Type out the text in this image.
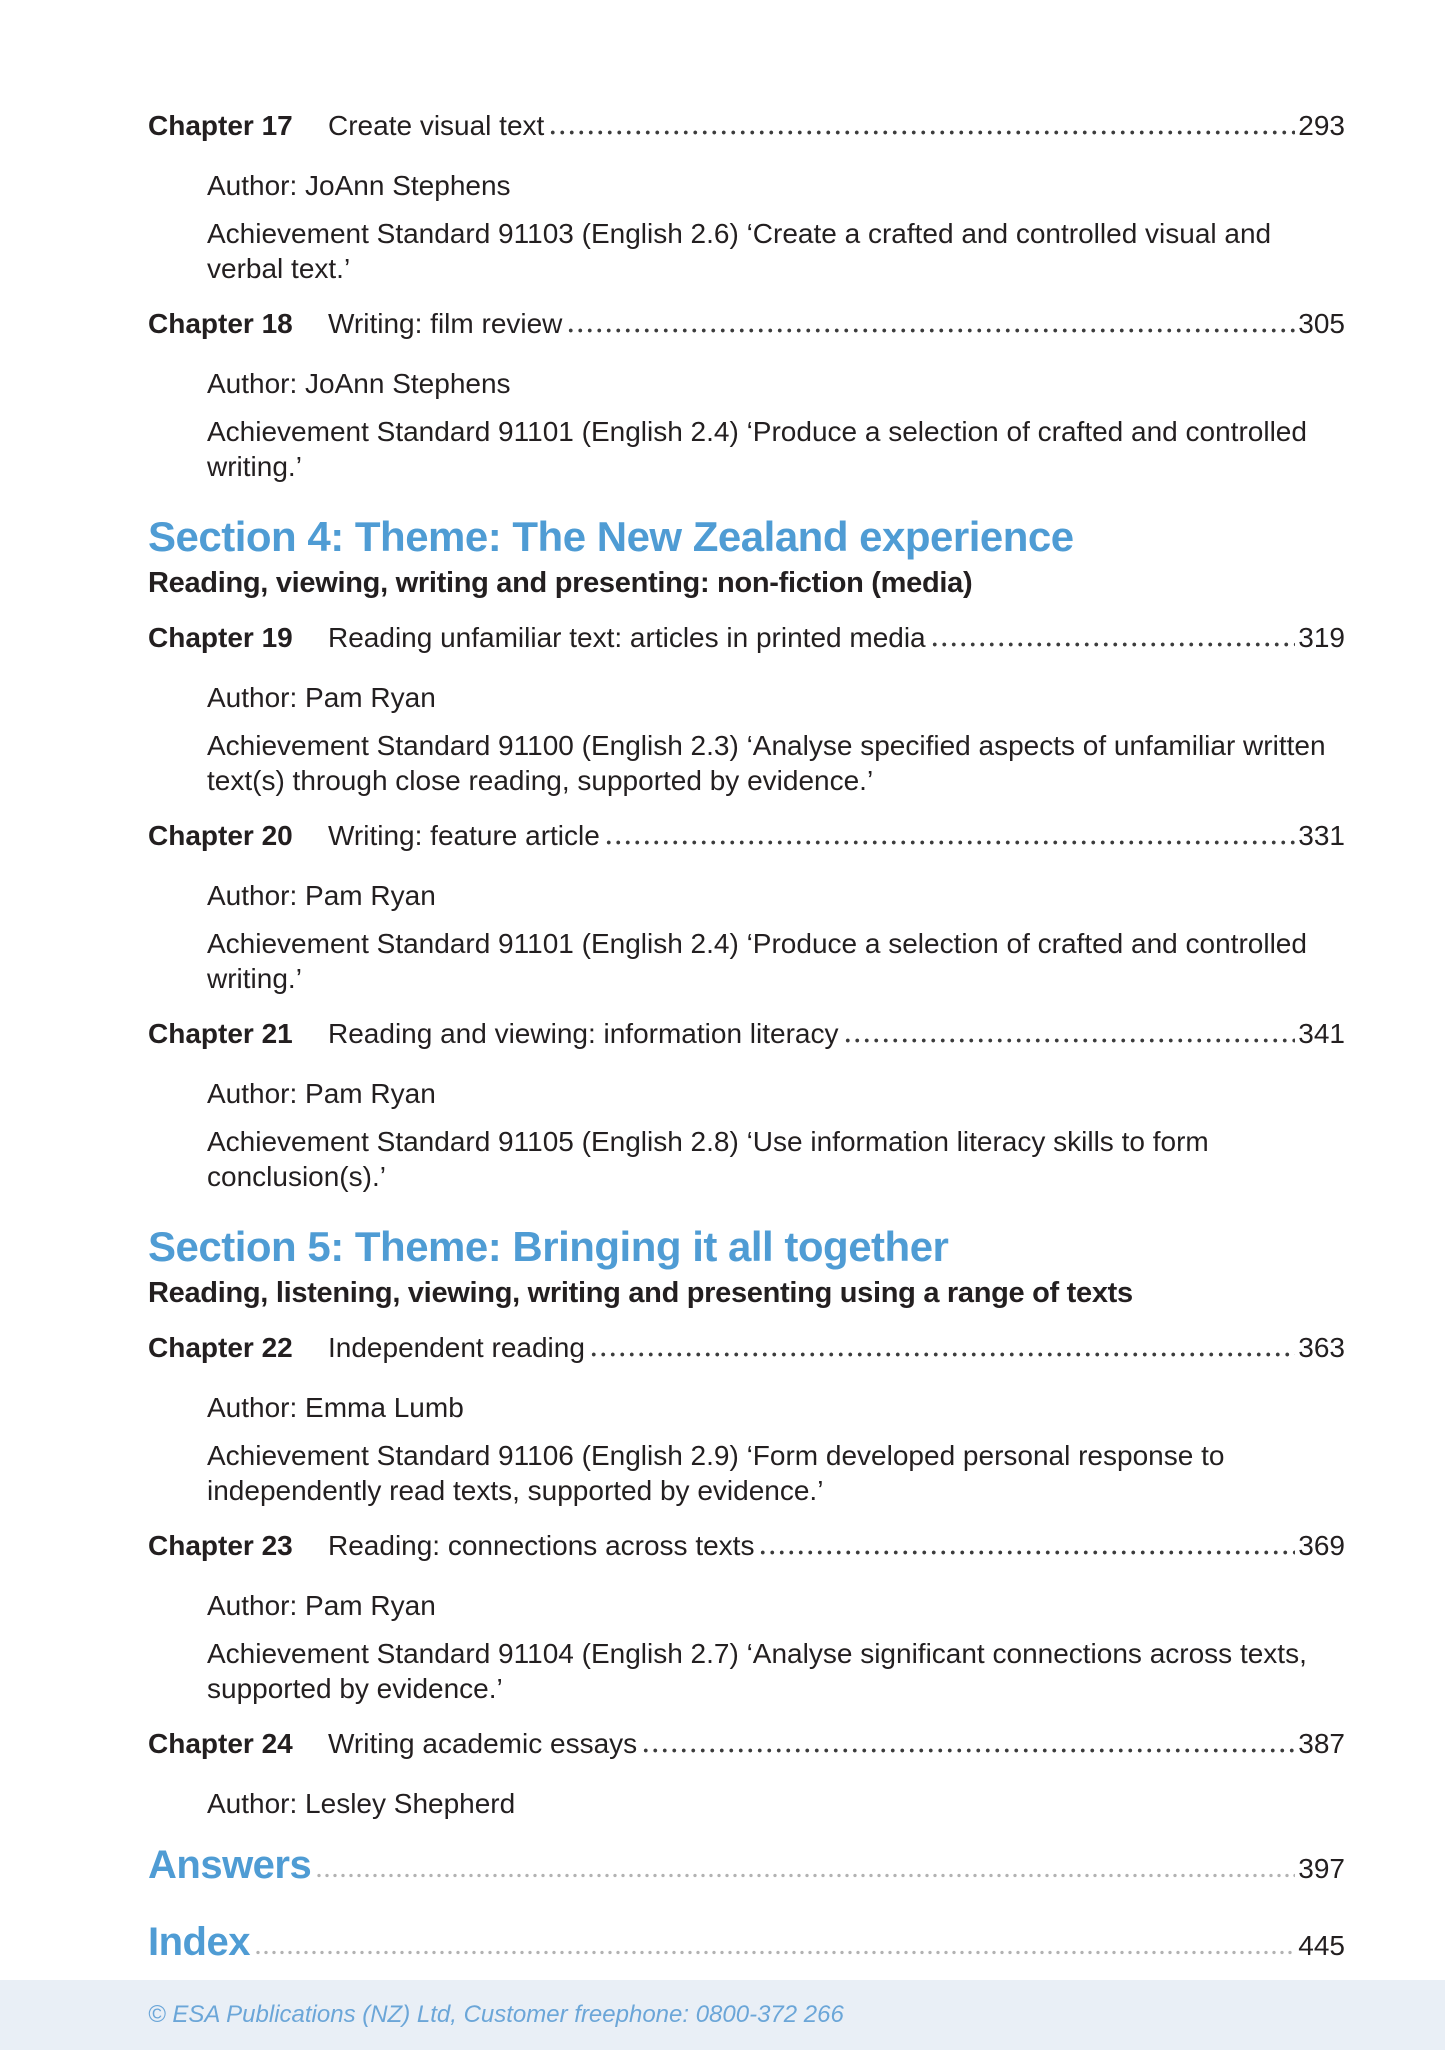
Chapter 17	Create visual text	293

Author: JoAnn Stephens

Achievement Standard 91103 (English 2.6) ‘Create a crafted and controlled visual and verbal text.’

Chapter 18	Writing: film review	305

Author: JoAnn Stephens

Achievement Standard 91101 (English 2.4) ‘Produce a selection of crafted and controlled writing.’

Section 4: Theme: The New Zealand experience
Reading, viewing, writing and presenting: non-fiction (media)
Chapter 19	Reading unfamiliar text: articles in printed media	319

Author: Pam Ryan

Achievement Standard 91100 (English 2.3) ‘Analyse specified aspects of unfamiliar written text(s) through close reading, supported by evidence.’

Chapter 20	Writing: feature article	331

Author: Pam Ryan

Achievement Standard 91101 (English 2.4) ‘Produce a selection of crafted and controlled writing.’

Chapter 21	Reading and viewing: information literacy	341

Author: Pam Ryan

Achievement Standard 91105 (English 2.8) ‘Use information literacy skills to form conclusion(s).’

Section 5: Theme: Bringing it all together
Reading, listening, viewing, writing and presenting using a range of texts
Chapter 22	Independent reading	363

Author: Emma Lumb

Achievement Standard 91106 (English 2.9) ‘Form developed personal response to independently read texts, supported by evidence.’

Chapter 23	Reading: connections across texts	369

Author: Pam Ryan

Achievement Standard 91104 (English 2.7) ‘Analyse significant connections across texts, supported by evidence.’

Chapter 24	Writing academic essays	387

Author: Lesley Shepherd

Answers	397
Index	445
© ESA Publications (NZ) Ltd, Customer freephone: 0800-372 266
